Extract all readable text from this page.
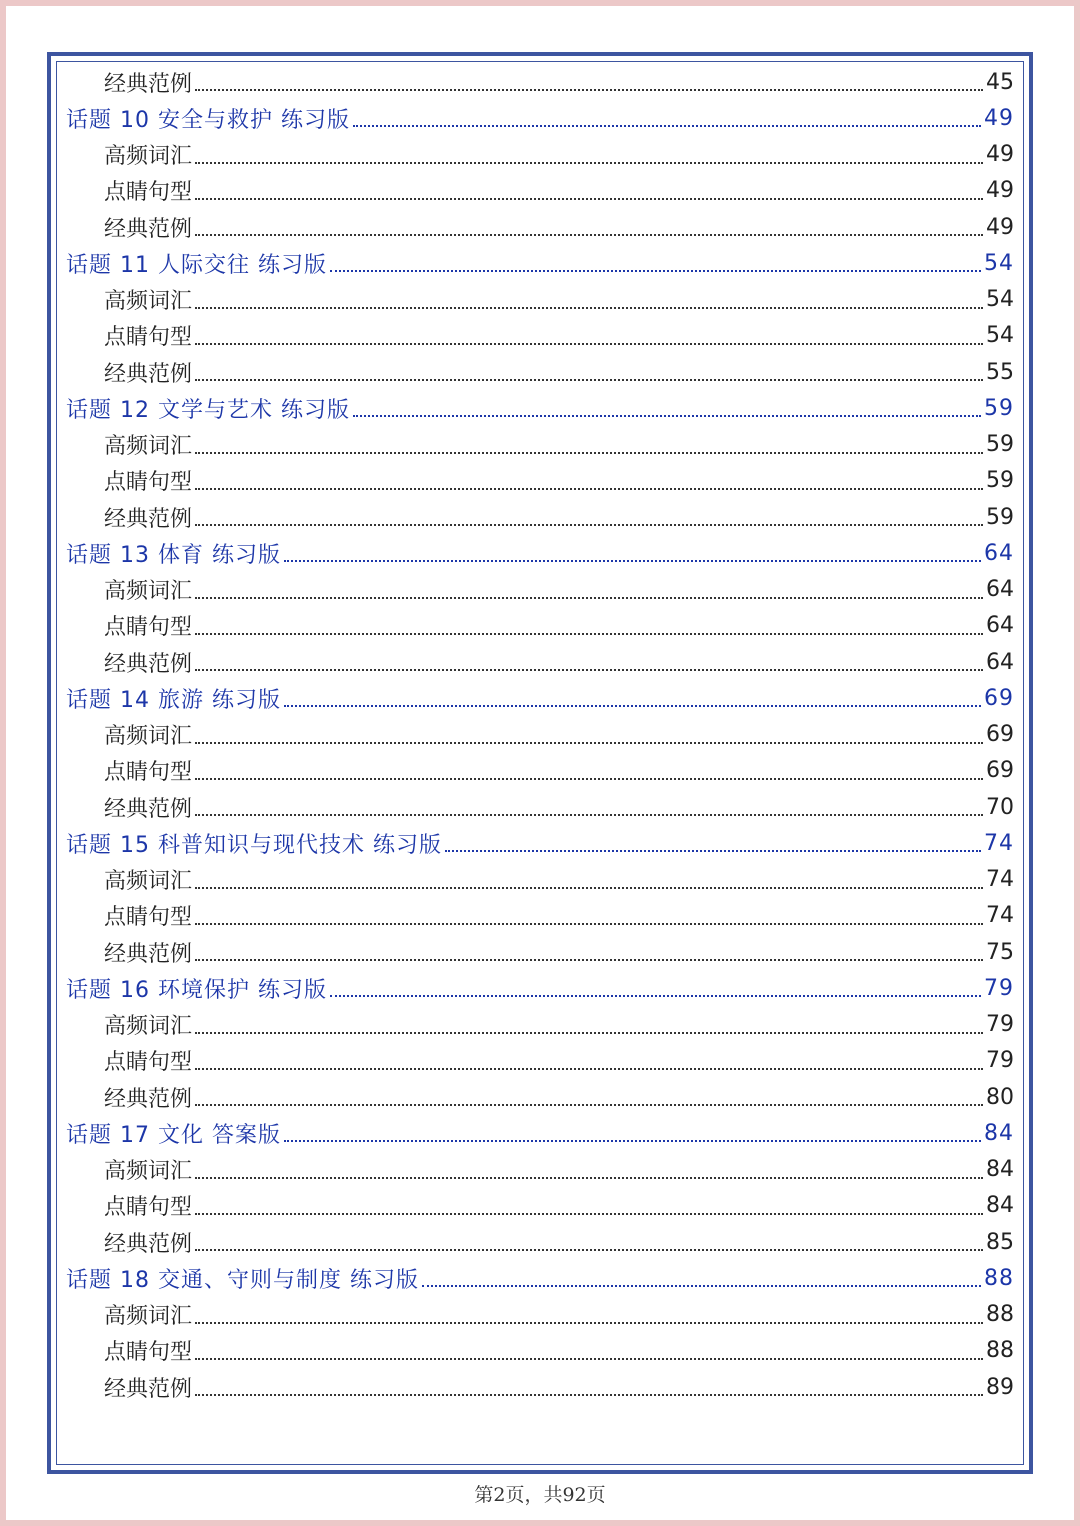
经典范例	45
话题 10 安全与救护 练习版	49
高频词汇	49
点睛句型	49
经典范例	49
话题 11 人际交往 练习版	54
高频词汇	54
点睛句型	54
经典范例	55
话题 12 文学与艺术 练习版	59
高频词汇	59
点睛句型	59
经典范例	59
话题 13 体育 练习版	64
高频词汇	64
点睛句型	64
经典范例	64
话题 14 旅游 练习版	69
高频词汇	69
点睛句型	69
经典范例	70
话题 15 科普知识与现代技术 练习版	74
高频词汇	74
点睛句型	74
经典范例	75
话题 16 环境保护 练习版	79
高频词汇	79
点睛句型	79
经典范例	80
话题 17 文化 答案版	84
高频词汇	84
点睛句型	84
经典范例	85
话题 18 交通、守则与制度 练习版	88
高频词汇	88
点睛句型	88
经典范例	89
第2页，共92页
